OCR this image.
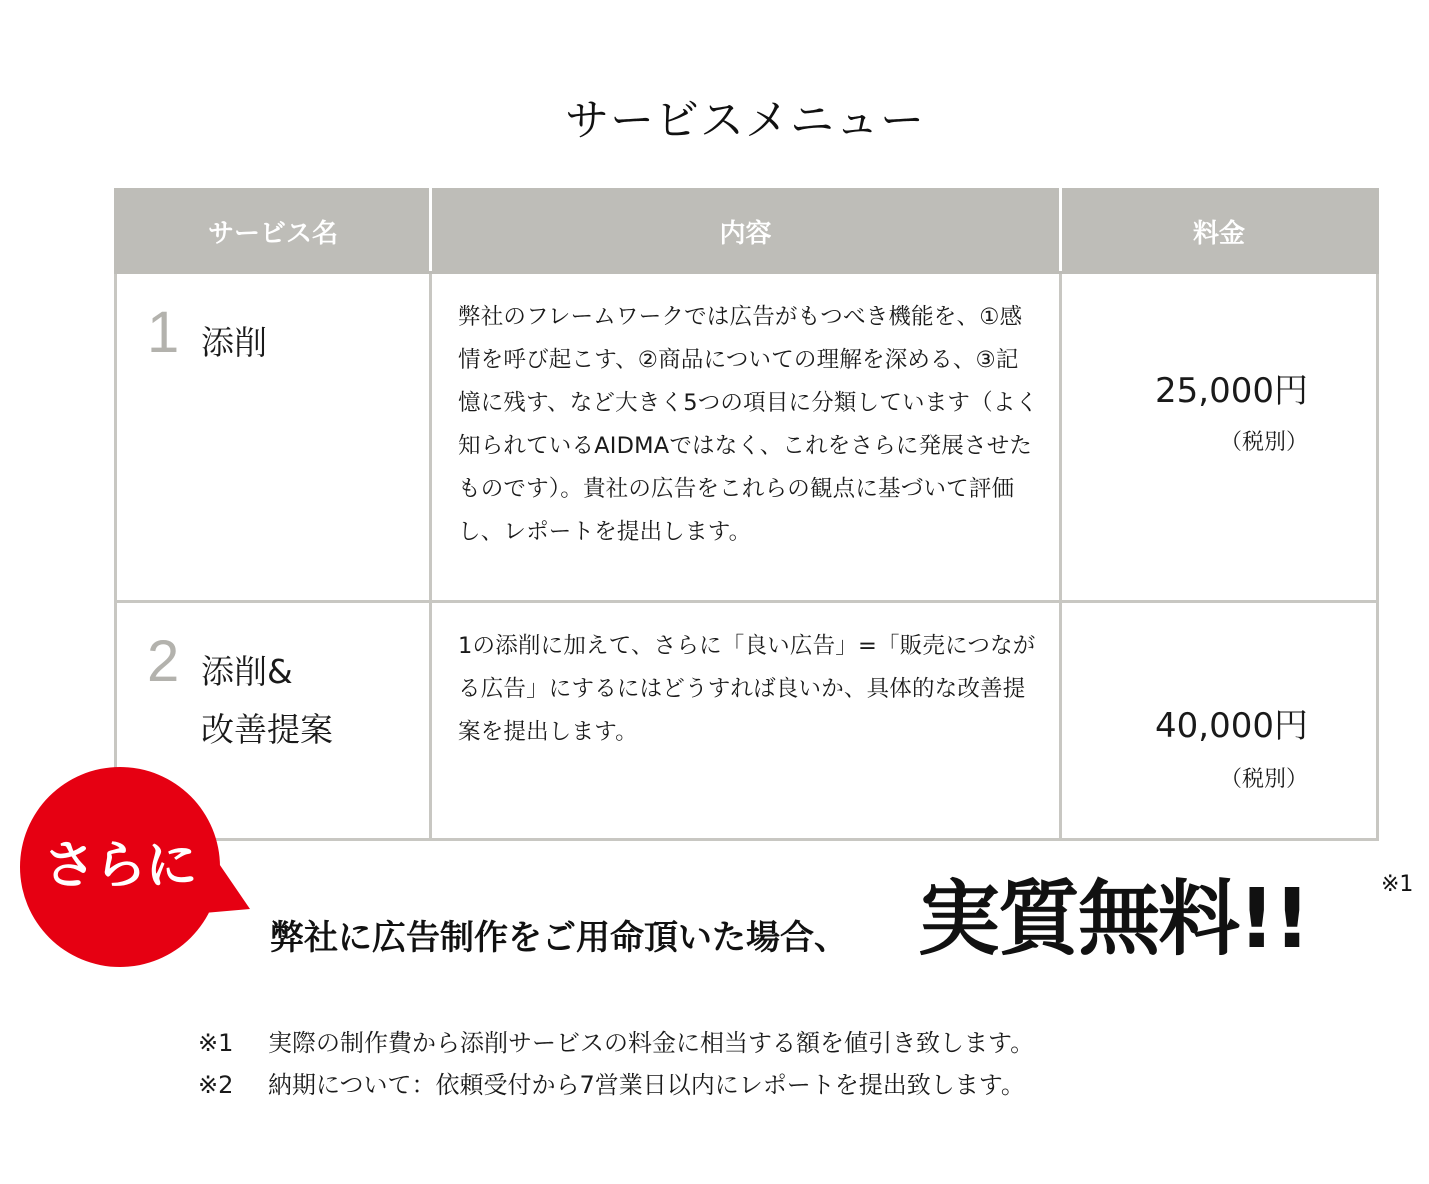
サービスメニュー
サービス名	内容	料金

1 添削	弊社のフレームワークでは広告がもつべき機能を、①感情を呼び起こす、②商品についての理解を深める、③記憶に残す、など大きく5つの項目に分類しています（よく知られているAIDMAではなく、これをさらに発展させたものです）。貴社の広告をこれらの観点に基づいて評価し、レポートを提出します。	25,000円
（税別）

2 添削&
改善提案	1の添削に加えて、さらに「良い広告」=「販売につながる広告」にするにはどうすれば良いか、具体的な改善提案を提出します。	40,000円
（税別）
さらに
弊社に広告制作をご用命頂いた場合、 実質無料!!	※1
※1	実際の制作費から添削サービスの料金に相当する額を値引き致します。
※2	納期について：依頼受付から7営業日以内にレポートを提出致します。
